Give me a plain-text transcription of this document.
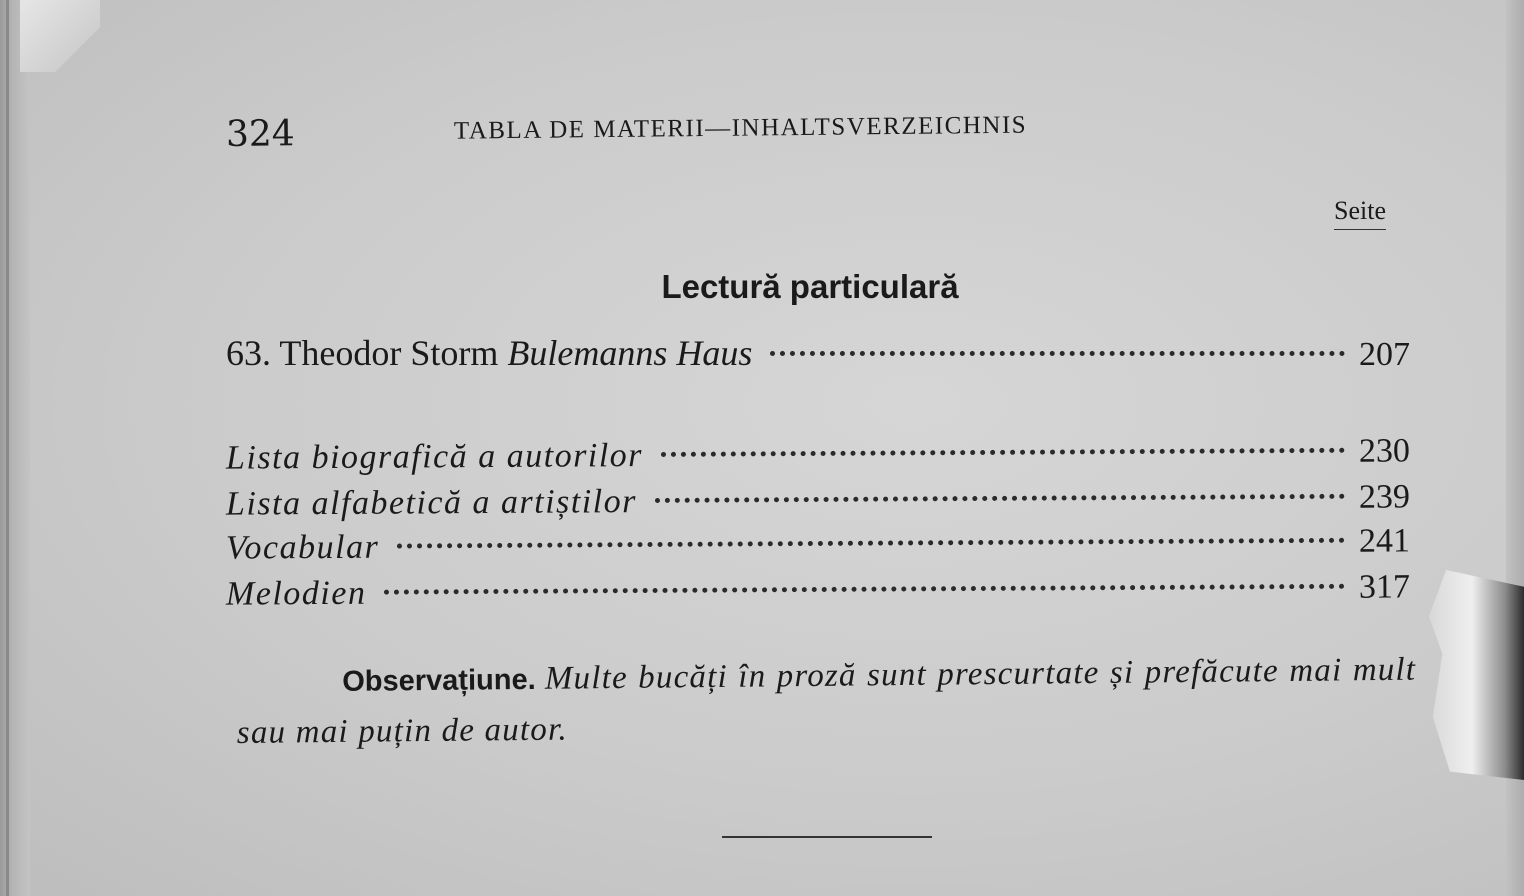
324	TABLA DE MATERII—INHALTSVERZEICHNIS
Seite
Lectură particulară
63. Theodor Storm Bulemanns Haus	207
Lista biografică a autorilor	230
Lista alfabetică a artiștilor	239
Vocabular	241
Melodien	317

Observațiune. Multe bucăți în proză sunt prescurtate și prefăcute mai mult sau mai puțin de autor.
